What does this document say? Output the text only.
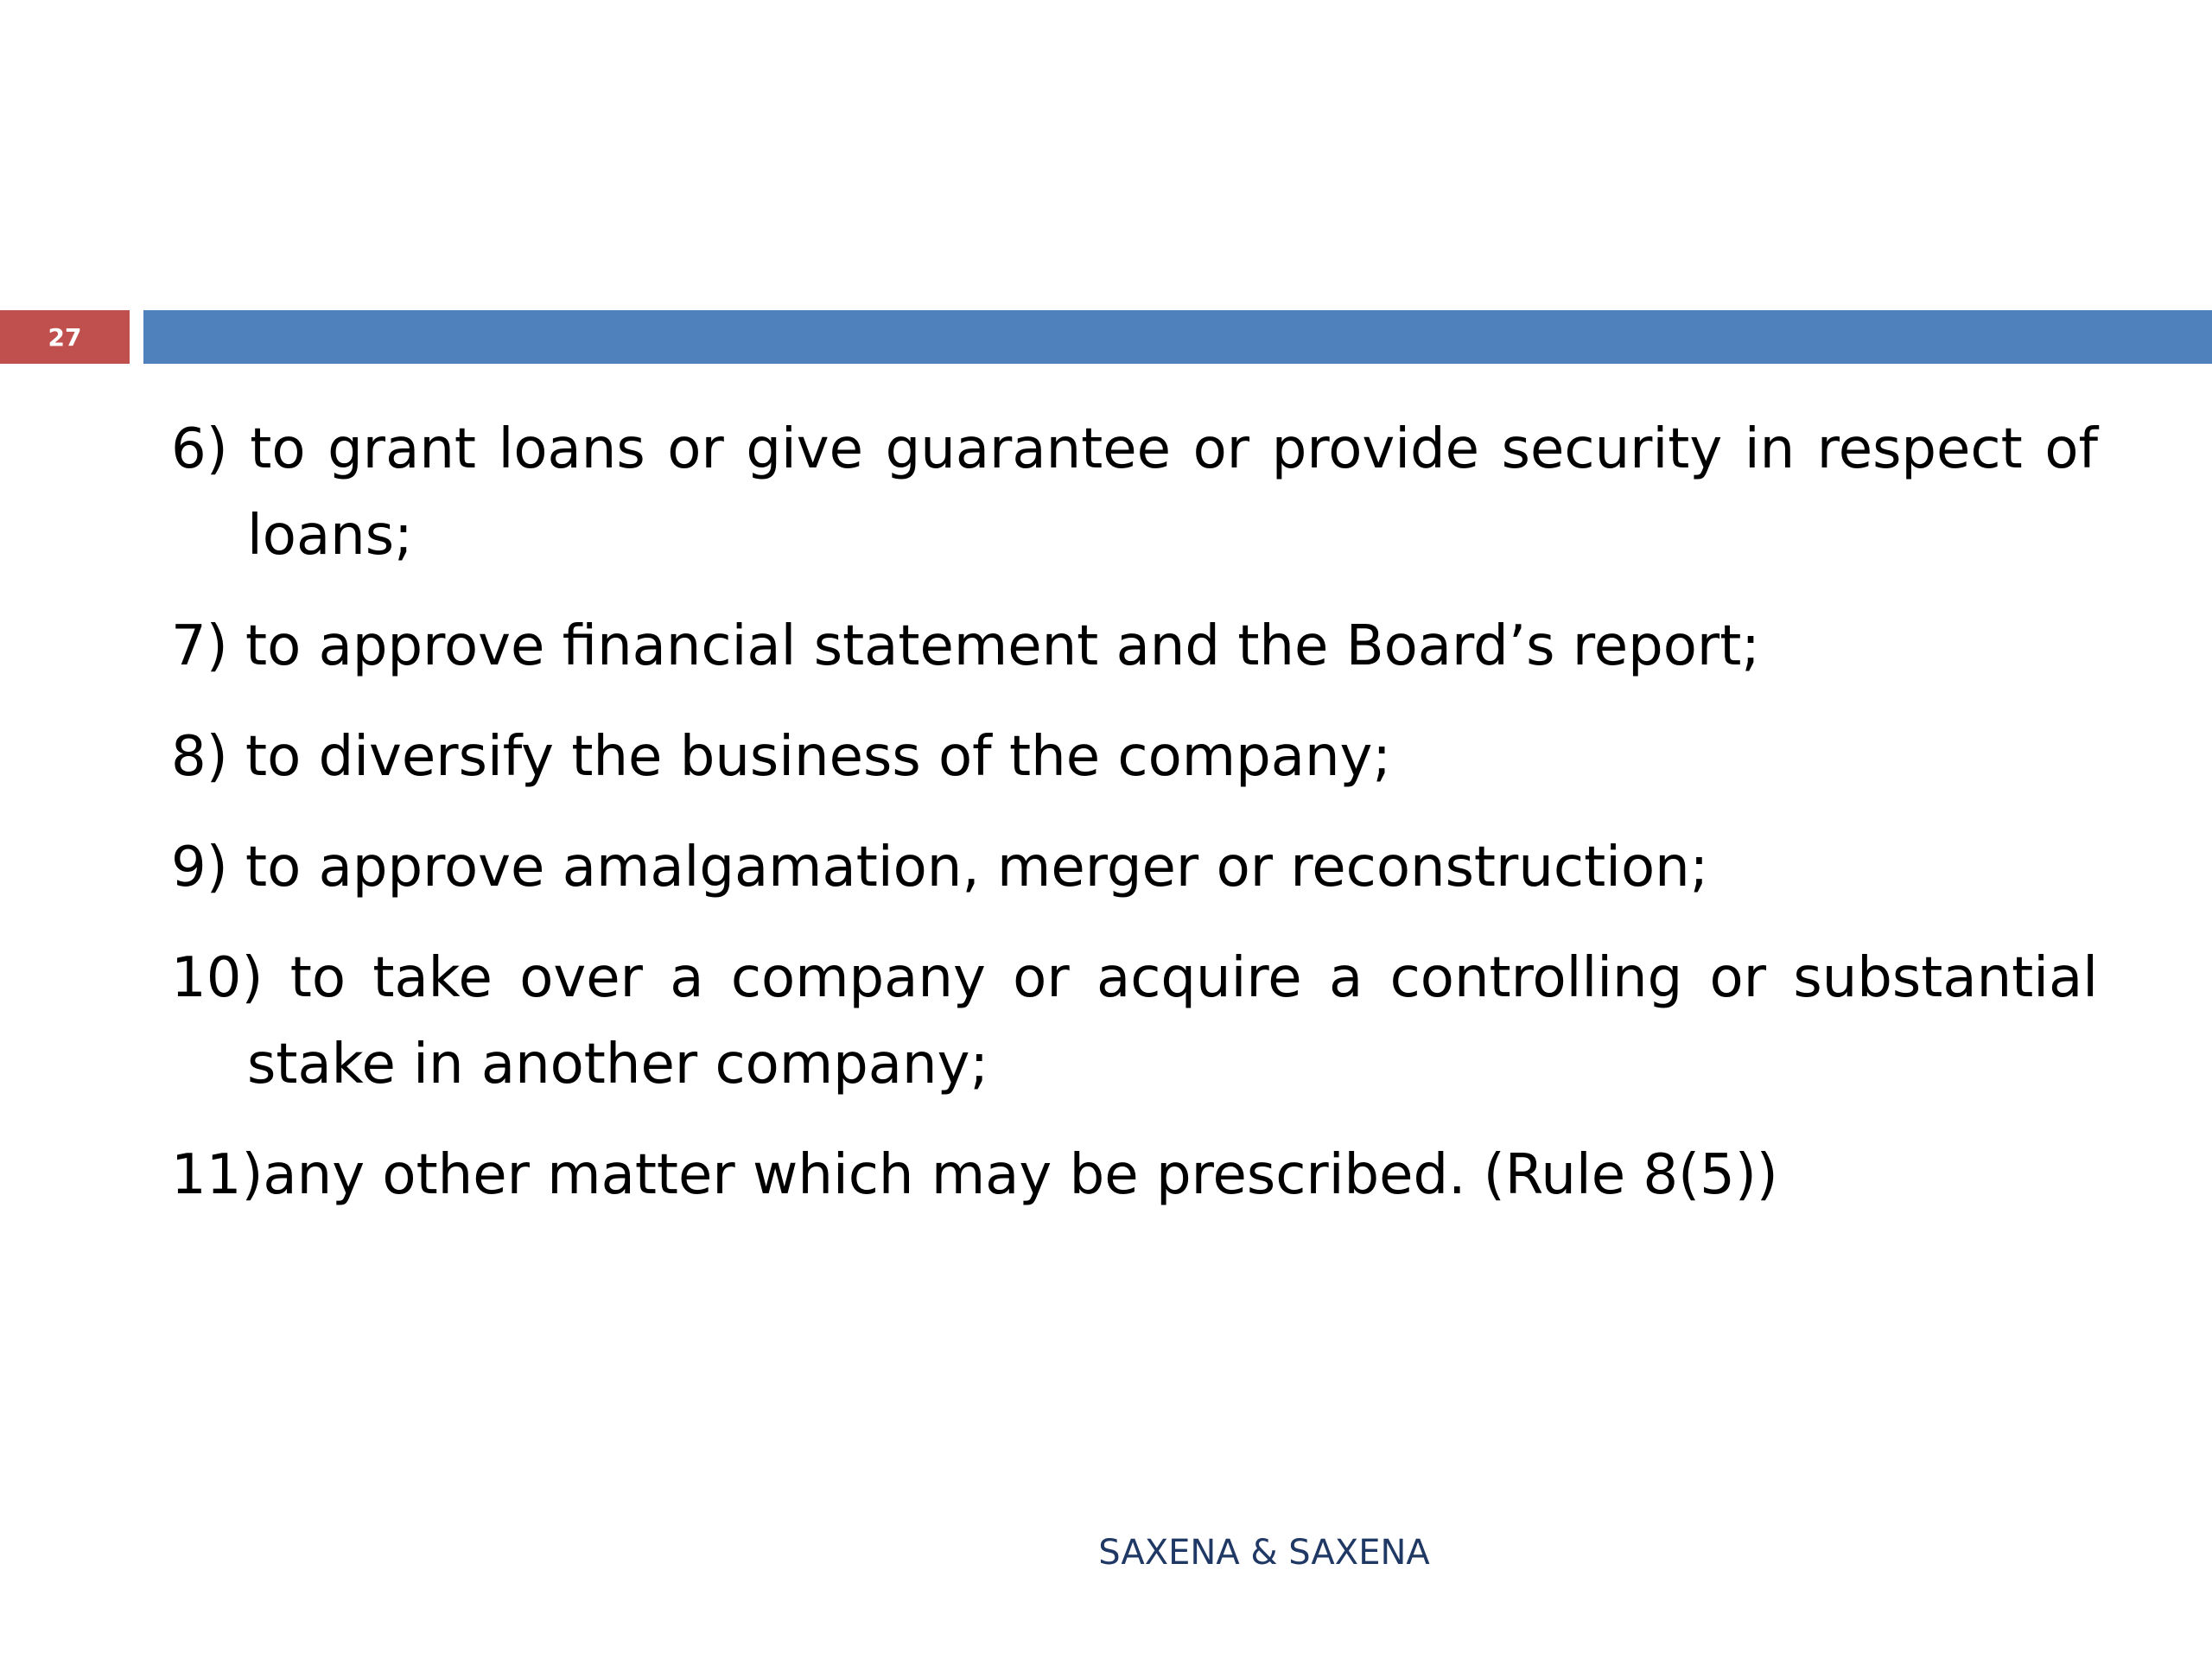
27

6) to grant loans or give guarantee or provide security in respect of loans;

7) to approve financial statement and the Board’s report;

8) to diversify the business of the company;

9) to approve amalgamation, merger or reconstruction;

10) to take over a company or acquire a controlling or substantial stake in another company;

11)any other matter which may be prescribed. (Rule 8(5))

SAXENA & SAXENA
